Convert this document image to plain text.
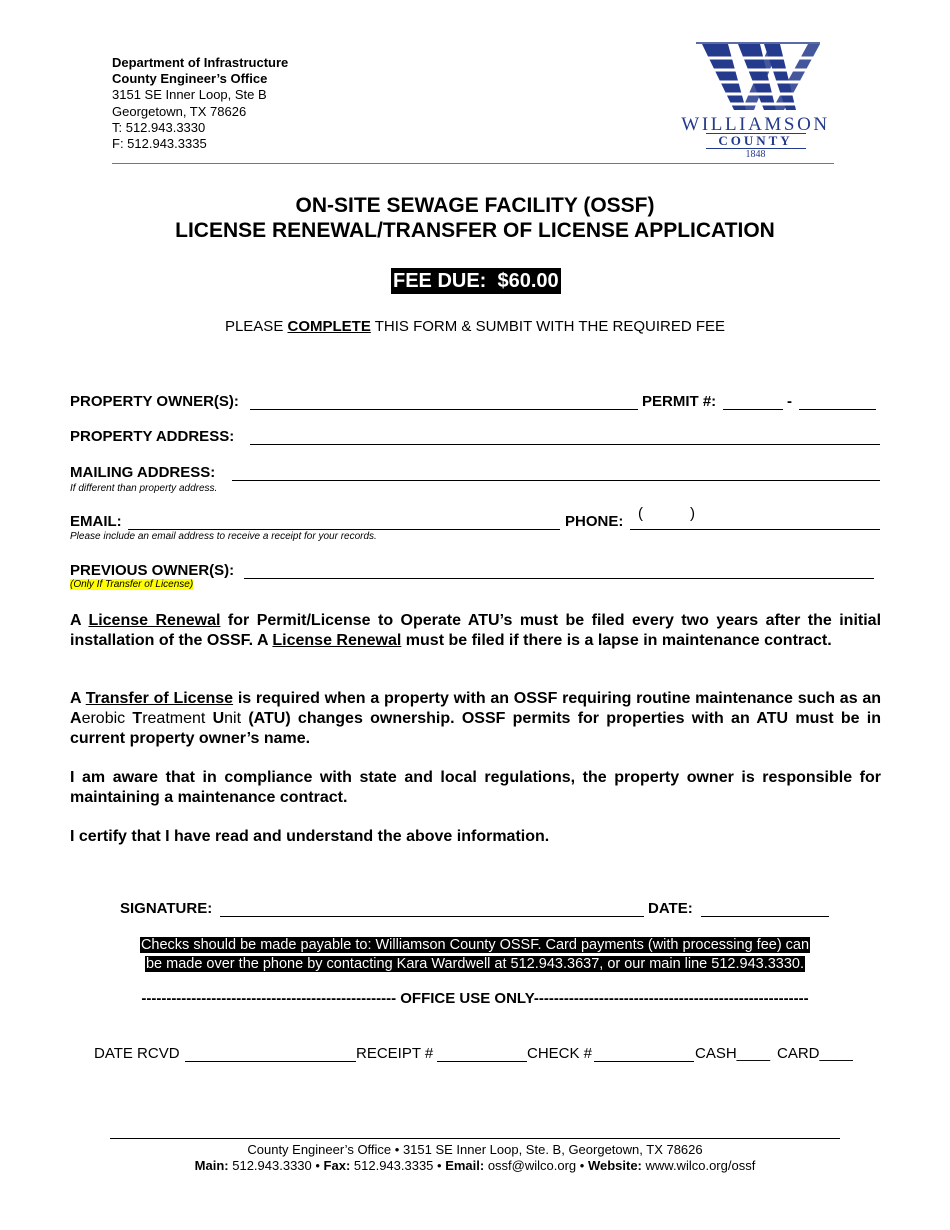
Department of Infrastructure
County Engineer’s Office
3151 SE Inner Loop, Ste B
Georgetown, TX 78626
T: 512.943.3330
F: 512.943.3335
WILLIAMSON
COUNTY
1848
ON-SITE SEWAGE FACILITY (OSSF)
LICENSE RENEWAL/TRANSFER OF LICENSE APPLICATION
FEE DUE:  $60.00
PLEASE COMPLETE THIS FORM & SUMBIT WITH THE REQUIRED FEE
PROPERTY OWNER(S):	PERMIT #:	-
PROPERTY ADDRESS:
MAILING ADDRESS:
If different than property address.
EMAIL:
Please include an email address to receive a receipt for your records.
PHONE: (	)
PREVIOUS OWNER(S):
(Only If Transfer of License)
A License Renewal for Permit/License to Operate ATU’s must be filed every two years after the initial installation of the OSSF. A License Renewal must be filed if there is a lapse in maintenance contract.
A Transfer of License is required when a property with an OSSF requiring routine maintenance such as an Aerobic Treatment Unit (ATU) changes ownership. OSSF permits for properties with an ATU must be in current property owner’s name.
I am aware that in compliance with state and local regulations, the property owner is responsible for maintaining a maintenance contract.
I certify that I have read and understand the above information.
SIGNATURE:	DATE:
Checks should be made payable to: Williamson County OSSF. Card payments (with processing fee) can
be made over the phone by contacting Kara Wardwell at 512.943.3637, or our main line 512.943.3330.
--------------------------------------------------- OFFICE USE ONLY-------------------------------------------------------
DATE RCVD	RECEIPT #	CHECK #	CASH____ CARD____
County Engineer’s Office • 3151 SE Inner Loop, Ste. B, Georgetown, TX 78626
Main: 512.943.3330 • Fax: 512.943.3335 • Email: ossf@wilco.org • Website: www.wilco.org/ossf
